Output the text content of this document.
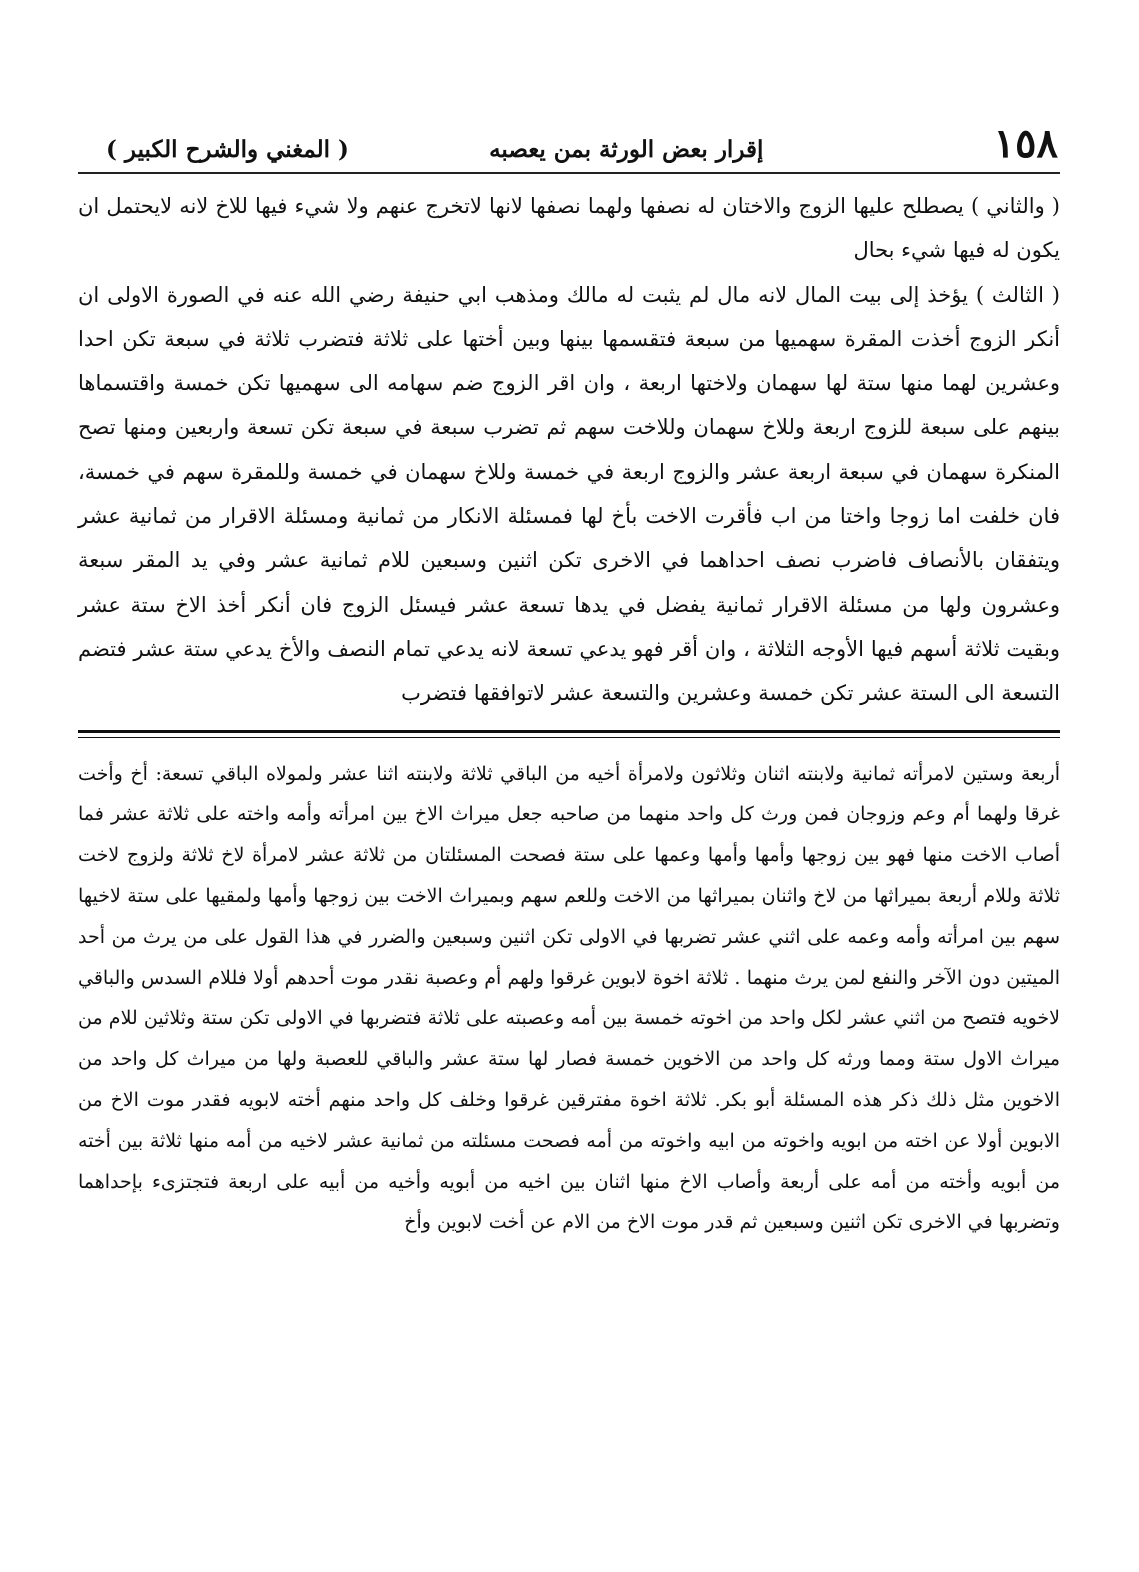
١٥٨
إقرار بعض الورثة بمن يعصبه
( المغني والشرح الكبير )

( والثاني ) يصطلح عليها الزوج والاختان له نصفها ولهما نصفها لانها لاتخرج عنهم ولا شيء فيها للاخ لانه لايحتمل ان يكون له فيها شيء بحال

( الثالث ) يؤخذ إلى بيت المال لانه مال لم يثبت له مالك ومذهب ابي حنيفة رضي الله عنه في الصورة الاولى ان أنكر الزوج أخذت المقرة سهميها من سبعة فتقسمها بينها وبين أختها على ثلاثة فتضرب ثلاثة في سبعة تكن احدا وعشرين لهما منها ستة لها سهمان ولاختها اربعة ، وان اقر الزوج ضم سهامه الى سهميها تكن خمسة واقتسماها بينهم على سبعة للزوج اربعة وللاخ سهمان وللاخت سهم ثم تضرب سبعة في سبعة تكن تسعة واربعين ومنها تصح المنكرة سهمان في سبعة اربعة عشر والزوج اربعة في خمسة وللاخ سهمان في خمسة وللمقرة سهم في خمسة، فان خلفت اما زوجا واختا من اب فأقرت الاخت بأخ لها فمسئلة الانكار من ثمانية ومسئلة الاقرار من ثمانية عشر ويتفقان بالأنصاف فاضرب نصف احداهما في الاخرى تكن اثنين وسبعين للام ثمانية عشر وفي يد المقر سبعة وعشرون ولها من مسئلة الاقرار ثمانية يفضل في يدها تسعة عشر فيسئل الزوج فان أنكر أخذ الاخ ستة عشر وبقيت ثلاثة أسهم فيها الأوجه الثلاثة ، وان أقر فهو يدعي تسعة لانه يدعي تمام النصف والأخ يدعي ستة عشر فتضم التسعة الى الستة عشر تكن خمسة وعشرين والتسعة عشر لاتوافقها فتضرب

أربعة وستين لامرأته ثمانية ولابنته اثنان وثلاثون ولامرأة أخيه من الباقي ثلاثة ولابنته اثنا عشر ولمولاه الباقي تسعة: أخ وأخت غرقا ولهما أم وعم وزوجان فمن ورث كل واحد منهما من صاحبه جعل ميراث الاخ بين امرأته وأمه واخته على ثلاثة عشر فما أصاب الاخت منها فهو بين زوجها وأمها وأمها وعمها على ستة فصحت المسئلتان من ثلاثة عشر لامرأة لاخ ثلاثة ولزوج لاخت ثلاثة وللام أربعة بميراثها من لاخ واثنان بميراثها من الاخت وللعم سهم وبميراث الاخت بين زوجها وأمها ولمقيها على ستة لاخيها سهم بين امرأته وأمه وعمه على اثني عشر تضربها في الاولى تكن اثنين وسبعين والضرر في هذا القول على من يرث من أحد الميتين دون الآخر والنفع لمن يرث منهما . ثلاثة اخوة لابوين غرقوا ولهم أم وعصبة نقدر موت أحدهم أولا فللام السدس والباقي لاخويه فتصح من اثني عشر لكل واحد من اخوته خمسة بين أمه وعصبته على ثلاثة فتضربها في الاولى تكن ستة وثلاثين للام من ميراث الاول ستة ومما ورثه كل واحد من الاخوين خمسة فصار لها ستة عشر والباقي للعصبة ولها من ميراث كل واحد من الاخوين مثل ذلك ذكر هذه المسئلة أبو بكر. ثلاثة اخوة مفترقين غرقوا وخلف كل واحد منهم أخته لابويه فقدر موت الاخ من الابوين أولا عن اخته من ابويه واخوته من ابيه واخوته من أمه فصحت مسئلته من ثمانية عشر لاخيه من أمه منها ثلاثة بين أخته من أبويه وأخته من أمه على أربعة وأصاب الاخ منها اثنان بين اخيه من أبويه وأخيه من أبيه على اربعة فتجتزىء بإحداهما وتضربها في الاخرى تكن اثنين وسبعين ثم قدر موت الاخ من الام عن أخت لابوين وأخ
